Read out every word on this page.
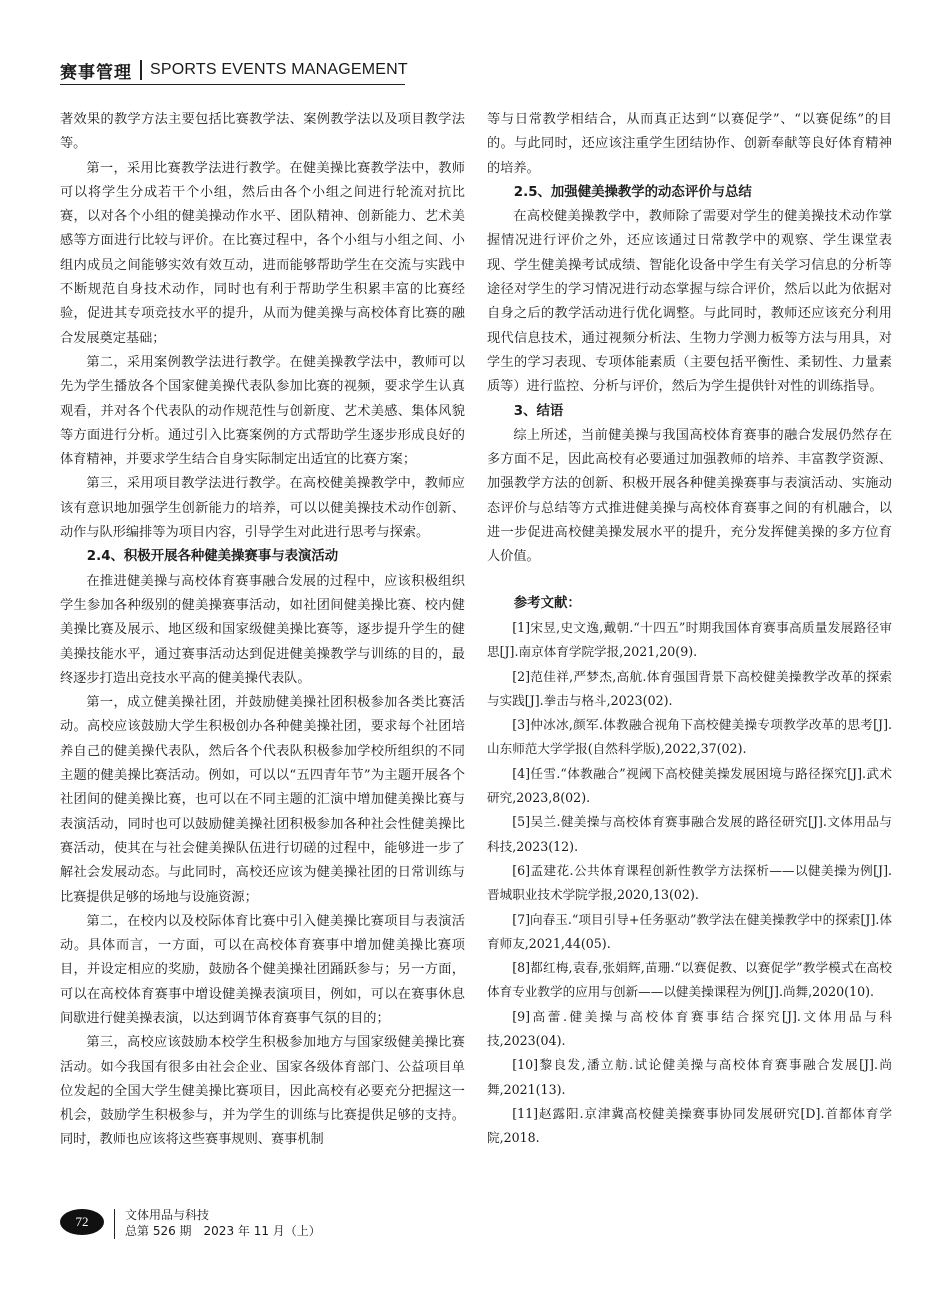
赛事管理 SPORTS EVENTS MANAGEMENT

著效果的教学方法主要包括比赛教学法、案例教学法以及项目教学法等。

第一，采用比赛教学法进行教学。在健美操比赛教学法中，教师可以将学生分成若干个小组，然后由各个小组之间进行轮流对抗比赛，以对各个小组的健美操动作水平、团队精神、创新能力、艺术美感等方面进行比较与评价。在比赛过程中，各个小组与小组之间、小组内成员之间能够实效有效互动，进而能够帮助学生在交流与实践中不断规范自身技术动作，同时也有利于帮助学生积累丰富的比赛经验，促进其专项竞技水平的提升，从而为健美操与高校体育比赛的融合发展奠定基础；

第二，采用案例教学法进行教学。在健美操教学法中，教师可以先为学生播放各个国家健美操代表队参加比赛的视频，要求学生认真观看，并对各个代表队的动作规范性与创新度、艺术美感、集体风貌等方面进行分析。通过引入比赛案例的方式帮助学生逐步形成良好的体育精神，并要求学生结合自身实际制定出适宜的比赛方案；

第三，采用项目教学法进行教学。在高校健美操教学中，教师应该有意识地加强学生创新能力的培养，可以以健美操技术动作创新、动作与队形编排等为项目内容，引导学生对此进行思考与探索。

2.4、积极开展各种健美操赛事与表演活动

在推进健美操与高校体育赛事融合发展的过程中，应该积极组织学生参加各种级别的健美操赛事活动，如社团间健美操比赛、校内健美操比赛及展示、地区级和国家级健美操比赛等，逐步提升学生的健美操技能水平，通过赛事活动达到促进健美操教学与训练的目的，最终逐步打造出竞技水平高的健美操代表队。

第一，成立健美操社团，并鼓励健美操社团积极参加各类比赛活动。高校应该鼓励大学生积极创办各种健美操社团，要求每个社团培养自己的健美操代表队，然后各个代表队积极参加学校所组织的不同主题的健美操比赛活动。例如，可以以“五四青年节”为主题开展各个社团间的健美操比赛，也可以在不同主题的汇演中增加健美操比赛与表演活动，同时也可以鼓励健美操社团积极参加各种社会性健美操比赛活动，使其在与社会健美操队伍进行切磋的过程中，能够进一步了解社会发展动态。与此同时，高校还应该为健美操社团的日常训练与比赛提供足够的场地与设施资源；

第二，在校内以及校际体育比赛中引入健美操比赛项目与表演活动。具体而言，一方面，可以在高校体育赛事中增加健美操比赛项目，并设定相应的奖励，鼓励各个健美操社团踊跃参与；另一方面，可以在高校体育赛事中增设健美操表演项目，例如，可以在赛事休息间歇进行健美操表演，以达到调节体育赛事气氛的目的；

第三，高校应该鼓励本校学生积极参加地方与国家级健美操比赛活动。如今我国有很多由社会企业、国家各级体育部门、公益项目单位发起的全国大学生健美操比赛项目，因此高校有必要充分把握这一机会，鼓励学生积极参与，并为学生的训练与比赛提供足够的支持。同时，教师也应该将这些赛事规则、赛事机制

等与日常教学相结合，从而真正达到“以赛促学”、“以赛促练”的目的。与此同时，还应该注重学生团结协作、创新奉献等良好体育精神的培养。

2.5、加强健美操教学的动态评价与总结

在高校健美操教学中，教师除了需要对学生的健美操技术动作掌握情况进行评价之外，还应该通过日常教学中的观察、学生课堂表现、学生健美操考试成绩、智能化设备中学生有关学习信息的分析等途径对学生的学习情况进行动态掌握与综合评价，然后以此为依据对自身之后的教学活动进行优化调整。与此同时，教师还应该充分利用现代信息技术，通过视频分析法、生物力学测力板等方法与用具，对学生的学习表现、专项体能素质（主要包括平衡性、柔韧性、力量素质等）进行监控、分析与评价，然后为学生提供针对性的训练指导。

3、结语

综上所述，当前健美操与我国高校体育赛事的融合发展仍然存在多方面不足，因此高校有必要通过加强教师的培养、丰富教学资源、加强教学方法的创新、积极开展各种健美操赛事与表演活动、实施动态评价与总结等方式推进健美操与高校体育赛事之间的有机融合，以进一步促进高校健美操发展水平的提升，充分发挥健美操的多方位育人价值。

参考文献：

[1]宋昱,史文逸,戴朝.“十四五”时期我国体育赛事高质量发展路径审思[J].南京体育学院学报,2021,20(9).

[2]范佳祥,严梦杰,高航.体育强国背景下高校健美操教学改革的探索与实践[J].拳击与格斗,2023(02).

[3]仲冰冰,颜军.体教融合视角下高校健美操专项教学改革的思考[J].山东师范大学学报(自然科学版),2022,37(02).

[4]任雪.“体教融合”视阈下高校健美操发展困境与路径探究[J].武术研究,2023,8(02).

[5]吴兰.健美操与高校体育赛事融合发展的路径研究[J].文体用品与科技,2023(12).

[6]孟建花.公共体育课程创新性教学方法探析——以健美操为例[J].晋城职业技术学院学报,2020,13(02).

[7]向春玉.“项目引导+任务驱动”教学法在健美操教学中的探索[J].体育师友,2021,44(05).

[8]都红梅,袁春,张娟辉,苗珊.“以赛促教、以赛促学”教学模式在高校体育专业教学的应用与创新——以健美操课程为例[J].尚舞,2020(10).

[9]高蕾.健美操与高校体育赛事结合探究[J].文体用品与科技,2023(04).

[10]黎良发,潘立舫.试论健美操与高校体育赛事融合发展[J].尚舞,2021(13).

[11]赵露阳.京津冀高校健美操赛事协同发展研究[D].首都体育学院,2018.

72	文体用品与科技
总第 526 期　2023 年 11 月（上）
